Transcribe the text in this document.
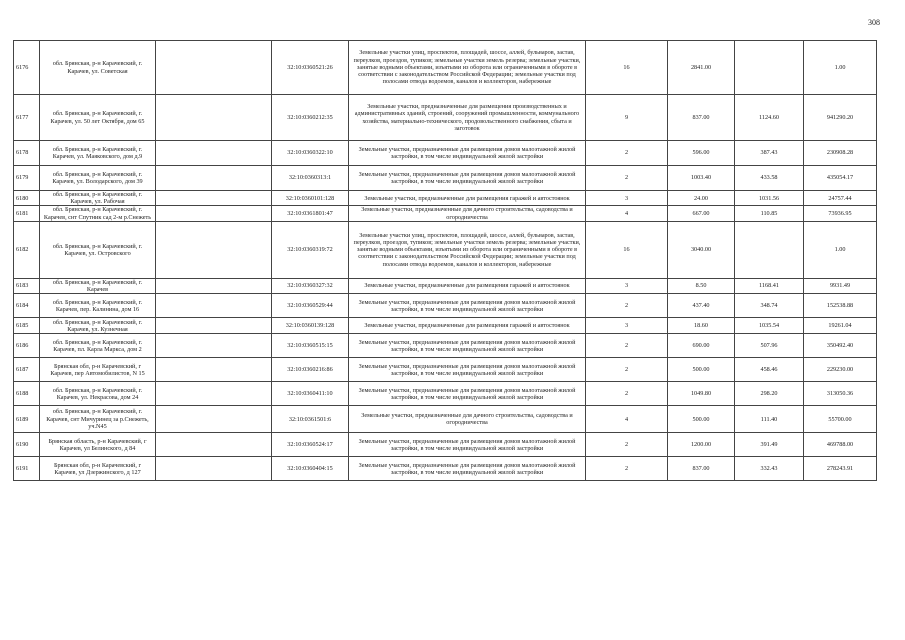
308
6176	обл. Брянская, р-н Карачевский, г. Карачев, ул. Советская		32:10:0360521:26	Земельные участки улиц, проспектов, площадей, шоссе, аллей, бульваров, застав, переулков, проездов, тупиков; земельные участки земель резерва; земельные участки, занятые водными объектами, изъятыми из оборота или ограниченными в обороте в соответствии с законодательством Российской Федерации; земельные участки под полосами отвода водоемов, каналов и коллекторов, набережные	16	2841.00		1.00
6177	обл. Брянская, р-н Карачевский, г. Карачев, ул. 50 лет Октября, дом 65		32:10:0360212:35	Земельные участки, предназначенные для размещения производственных и административных зданий, строений, сооружений промышленности, коммунального хозяйства, материально-технического, продовольственного снабжения, сбыта и заготовок	9	837.00	1124.60	941290.20
6178	обл. Брянская, р-н Карачевский, г. Карачев, ул. Маяковского, дом д.9		32:10:0360322:10	Земельные участки, предназначенные для размещения домов малоэтажной жилой застройки, в том числе индивидуальной жилой застройки	2	596.00	387.43	230908.28
6179	обл. Брянская, р-н Карачевский, г. Карачев, ул. Володарского, дом 39		32:10:0360313:1	Земельные участки, предназначенные для размещения домов малоэтажной жилой застройки, в том числе индивидуальной жилой застройки	2	1003.40	433.58	435054.17
6180	обл. Брянская, р-н Карачевский, г. Карачев, ул. Рабочая		32:10:0360101:128	Земельные участки, предназначенные для размещения гаражей и автостоянок	3	24.00	1031.56	24757.44
6181	обл. Брянская, р-н Карачевский, г. Карачев, снт Спутник сад 2-м р.Снежеть		32:10:0361801:47	Земельные участки, предназначенные для дачного строительства, садоводства и огородничества	4	667.00	110.85	73936.95
6182	обл. Брянская, р-н Карачевский, г. Карачев, ул. Островского		32:10:0360319:72	Земельные участки улиц, проспектов, площадей, шоссе, аллей, бульваров, застав, переулков, проездов, тупиков; земельные участки земель резерва; земельные участки, занятые водными объектами, изъятыми из оборота или ограниченными в обороте в соответствии с законодательством Российской Федерации; земельные участки под полосами отвода водоемов, каналов и коллекторов, набережные	16	3040.00		1.00
6183	обл. Брянская, р-н Карачевский, г. Карачев		32:10:0360327:32	Земельные участки, предназначенные для размещения гаражей и автостоянок	3	8.50	1168.41	9931.49
6184	обл. Брянская, р-н Карачевский, г. Карачев, пер. Калинина, дом 16		32:10:0360529:44	Земельные участки, предназначенные для размещения домов малоэтажной жилой застройки, в том числе индивидуальной жилой застройки	2	437.40	348.74	152538.88
6185	обл. Брянская, р-н Карачевский, г. Карачев, ул. Кузнечная		32:10:0360139:128	Земельные участки, предназначенные для размещения гаражей и автостоянок	3	18.60	1035.54	19261.04
6186	обл. Брянская, р-н Карачевский, г. Карачев, пл. Карла Маркса, дом 2		32:10:0360515:15	Земельные участки, предназначенные для размещения домов малоэтажной жилой застройки, в том числе индивидуальной жилой застройки	2	690.00	507.96	350492.40
6187	Брянская обл, р-н Карачевский, г Карачев, пер Автомобилистов, N 15		32:10:0360216:86	Земельные участки, предназначенные для размещения домов малоэтажной жилой застройки, в том числе индивидуальной жилой застройки	2	500.00	458.46	229230.00
6188	обл. Брянская, р-н Карачевский, г. Карачев, ул. Некрасова, дом 24		32:10:0360411:10	Земельные участки, предназначенные для размещения домов малоэтажной жилой застройки, в том числе индивидуальной жилой застройки	2	1049.80	298.20	313050.36
6189	обл. Брянская, р-н Карачевский, г. Карачев, снт Мичуринец за р.Снежеть, уч.N45		32:10:0361501:6	Земельные участки, предназначенные для дачного строительства, садоводства и огородничества	4	500.00	111.40	55700.00
6190	Брянская область, р-н Карачевский, г Карачев, ул Белинского, д 84		32:10:0360524:17	Земельные участки, предназначенные для размещения домов малоэтажной жилой застройки, в том числе индивидуальной жилой застройки	2	1200.00	391.49	469788.00
6191	Брянская обл, р-н Карачевский, г Карачев, ул Дзержинского, д 127		32:10:0360404:15	Земельные участки, предназначенные для размещения домов малоэтажной жилой застройки, в том числе индивидуальной жилой застройки	2	837.00	332.43	278243.91
